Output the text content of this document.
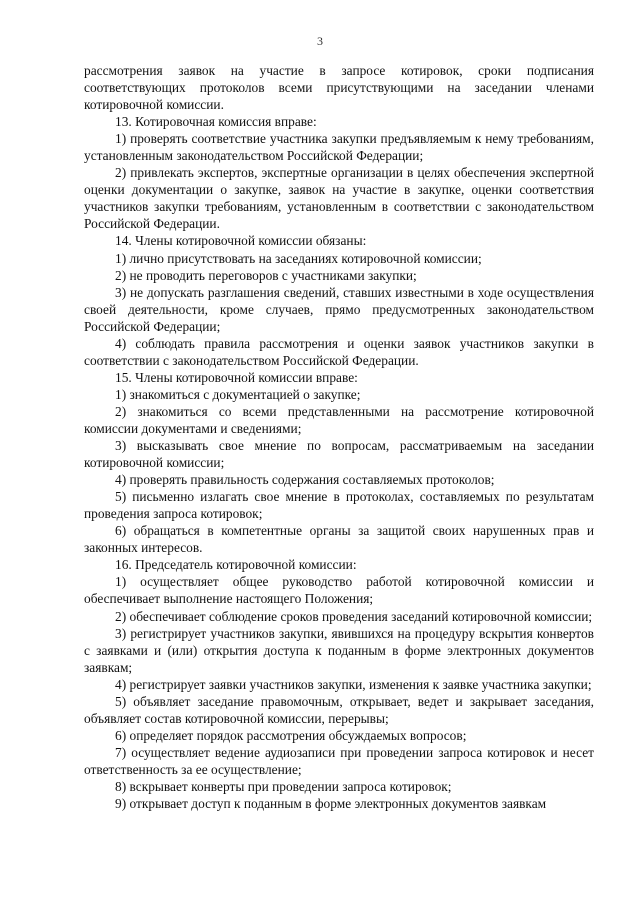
3

рассмотрения заявок на участие в запросе котировок, сроки подписания соответствующих протоколов всеми присутствующими на заседании членами котировочной комиссии.

13. Котировочная комиссия вправе:

1) проверять соответствие участника закупки предъявляемым к нему требованиям, установленным законодательством Российской Федерации;

2) привлекать экспертов, экспертные организации в целях обеспечения экспертной оценки документации о закупке, заявок на участие в закупке, оценки соответствия участников закупки требованиям, установленным в соответствии с законодательством Российской Федерации.

14. Члены котировочной комиссии обязаны:

1) лично присутствовать на заседаниях котировочной комиссии;

2) не проводить переговоров с участниками закупки;

3) не допускать разглашения сведений, ставших известными в ходе осуществления своей деятельности, кроме случаев, прямо предусмотренных законодательством Российской Федерации;

4) соблюдать правила рассмотрения и оценки заявок участников закупки в соответствии с законодательством Российской Федерации.

15. Члены котировочной комиссии вправе:

1) знакомиться с документацией о закупке;

2) знакомиться со всеми представленными на рассмотрение котировочной комиссии документами и сведениями;

3) высказывать свое мнение по вопросам, рассматриваемым на заседании котировочной комиссии;

4) проверять правильность содержания составляемых протоколов;

5) письменно излагать свое мнение в протоколах, составляемых по результатам проведения запроса котировок;

6) обращаться в компетентные органы за защитой своих нарушенных прав и законных интересов.

16. Председатель котировочной комиссии:

1) осуществляет общее руководство работой котировочной комиссии и обеспечивает выполнение настоящего Положения;

2) обеспечивает соблюдение сроков проведения заседаний котировочной комиссии;

3) регистрирует участников закупки, явившихся на процедуру вскрытия конвертов с заявками и (или) открытия доступа к поданным в форме электронных документов заявкам;

4) регистрирует заявки участников закупки, изменения к заявке участника закупки;

5) объявляет заседание правомочным, открывает, ведет и закрывает заседания, объявляет состав котировочной комиссии, перерывы;

6) определяет порядок рассмотрения обсуждаемых вопросов;

7) осуществляет ведение аудиозаписи при проведении запроса котировок и несет ответственность за ее осуществление;

8) вскрывает конверты при проведении запроса котировок;

9) открывает доступ к поданным в форме электронных документов заявкам
